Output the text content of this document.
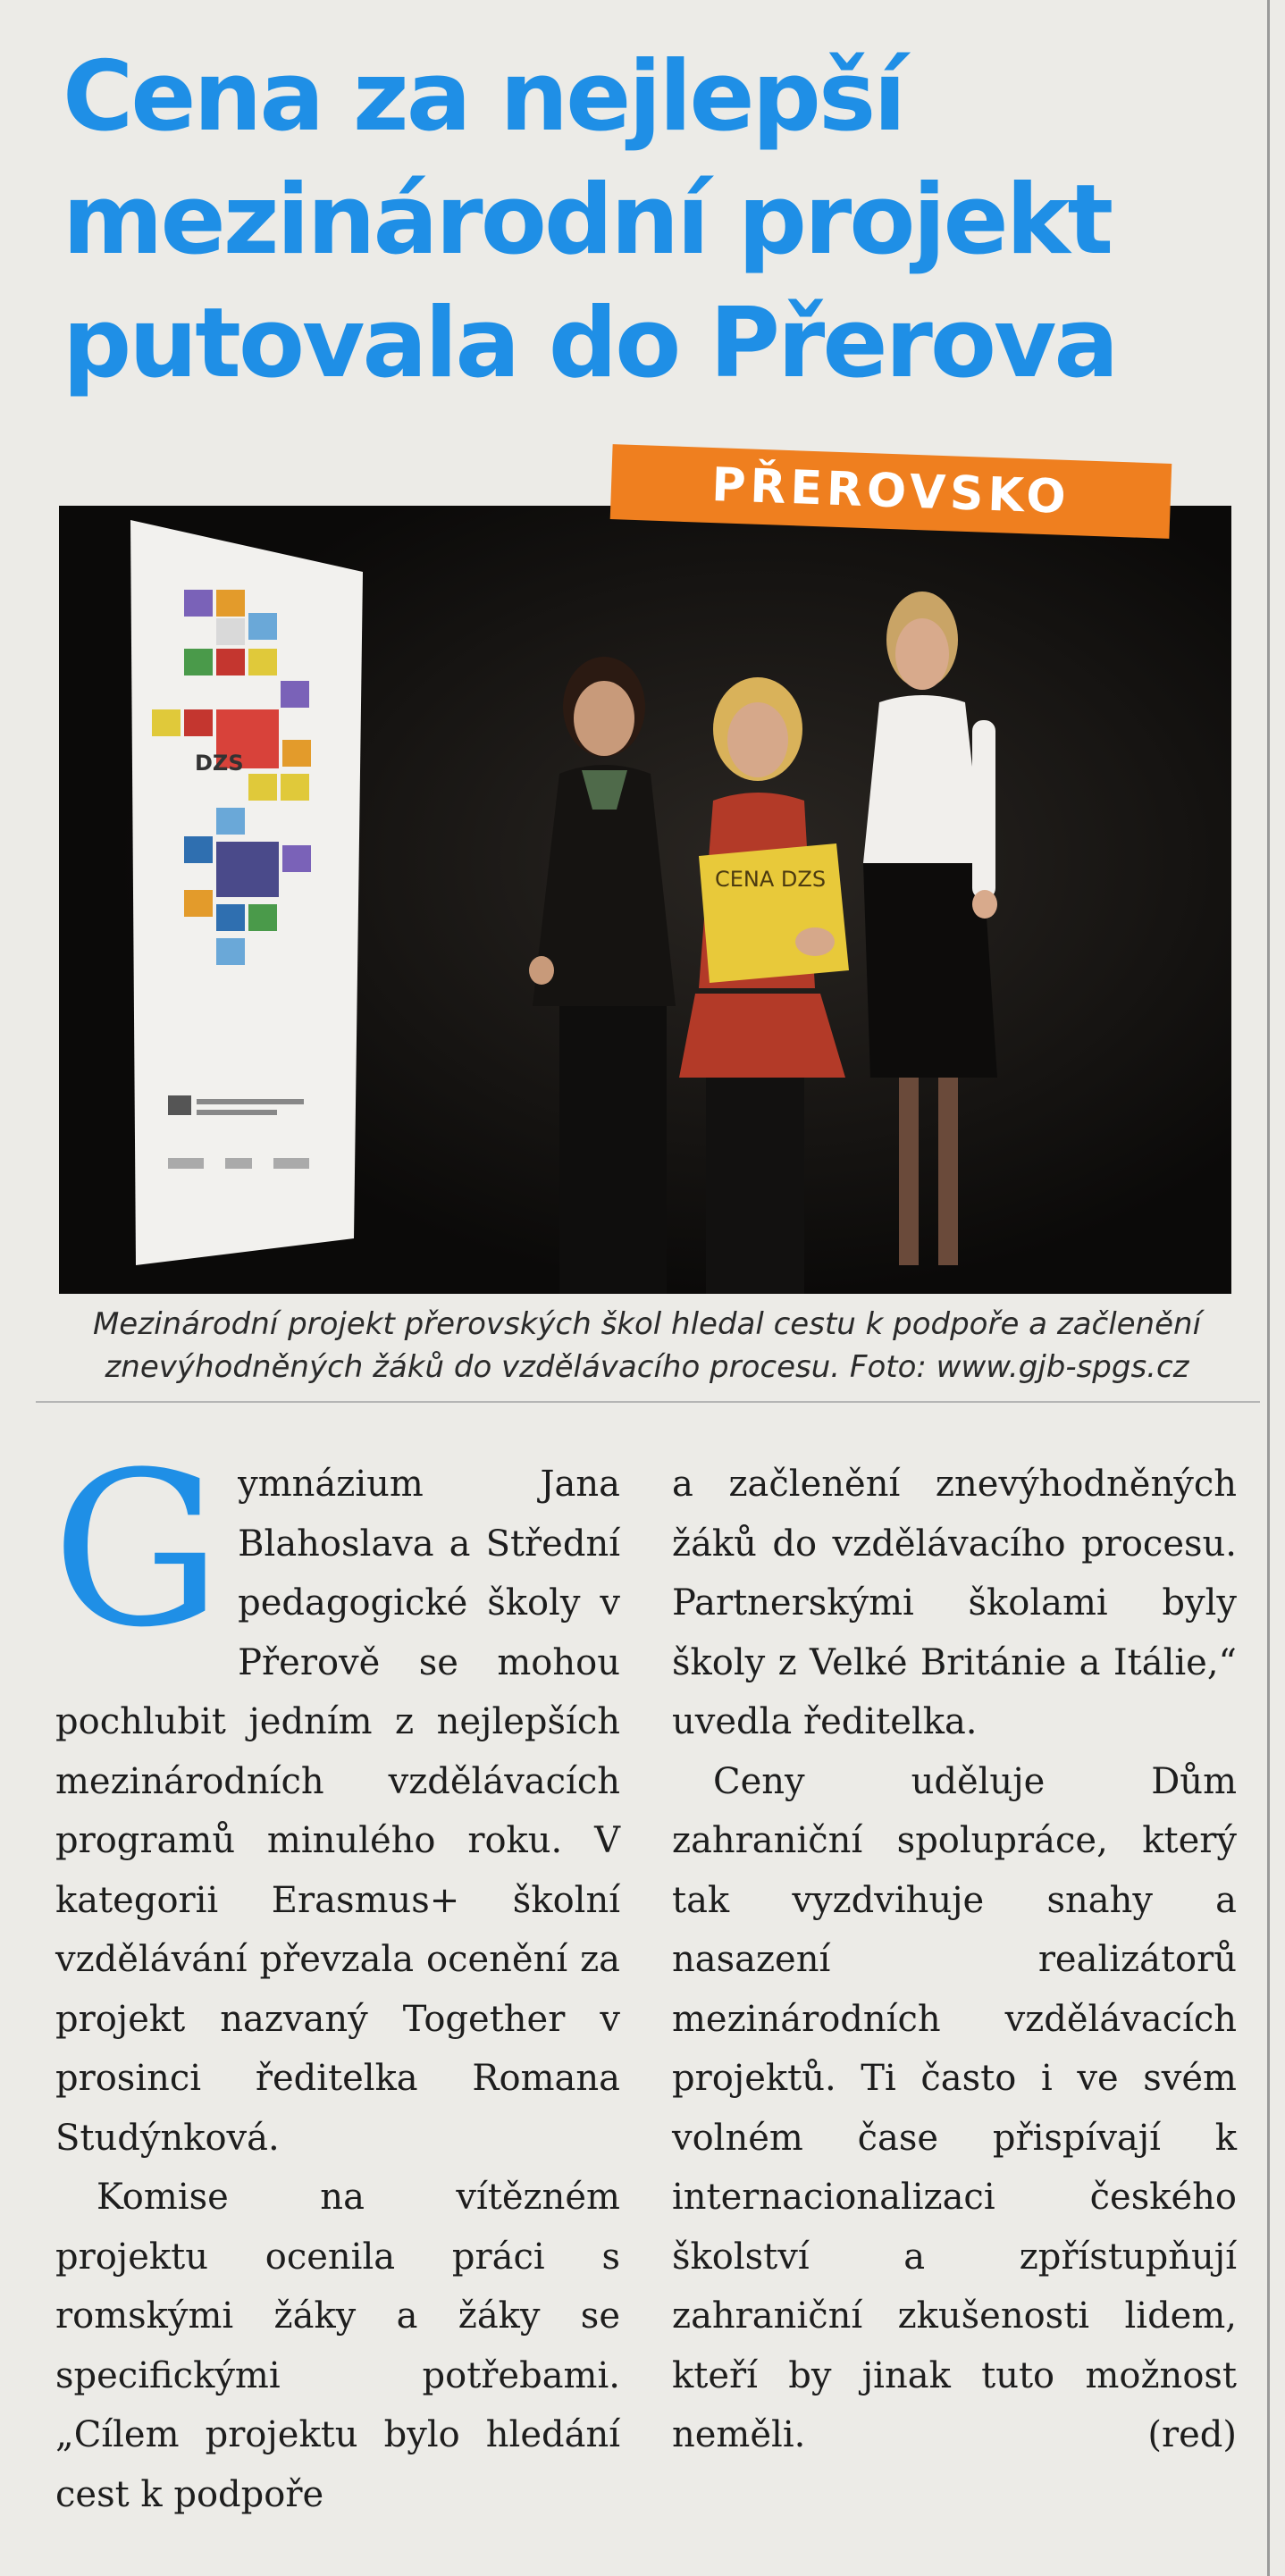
Cena za nejlepší
mezinárodní projekt
putovala do Přerova
DZS
CENA DZS
PŘEROVSKO

Mezinárodní projekt přerovských škol hledal cestu k podpoře a začlenění
znevýhodněných žáků do vzdělávacího procesu. Foto: www.gjb-spgs.cz

Gymnázium Jana Blahoslava a Střední pedagogické školy v Přerově se mohou pochlubit jedním z nejlepších mezinárodních vzdělávacích programů minulého roku. V kategorii Erasmus+ školní vzdělávání převzala ocenění za projekt nazvaný Together v prosinci ředitelka Romana Studýnková.

Komise na vítězném projektu ocenila práci s romskými žáky a žáky se specifickými potřebami. „Cílem projektu bylo hledání cest k podpoře

a začlenění znevýhodněných žáků do vzdělávacího procesu. Partnerskými školami byly školy z Velké Británie a Itálie,“ uvedla ředitelka.

Ceny uděluje Dům zahraniční spolupráce, který tak vyzdvihuje snahy a nasazení realizátorů mezinárodních vzdělávacích projektů. Ti často i ve svém volném čase přispívají k internacionalizaci českého školství a zpřístupňují zahraniční zkušenosti lidem, kteří by jinak tuto možnost neměli.	(red)
